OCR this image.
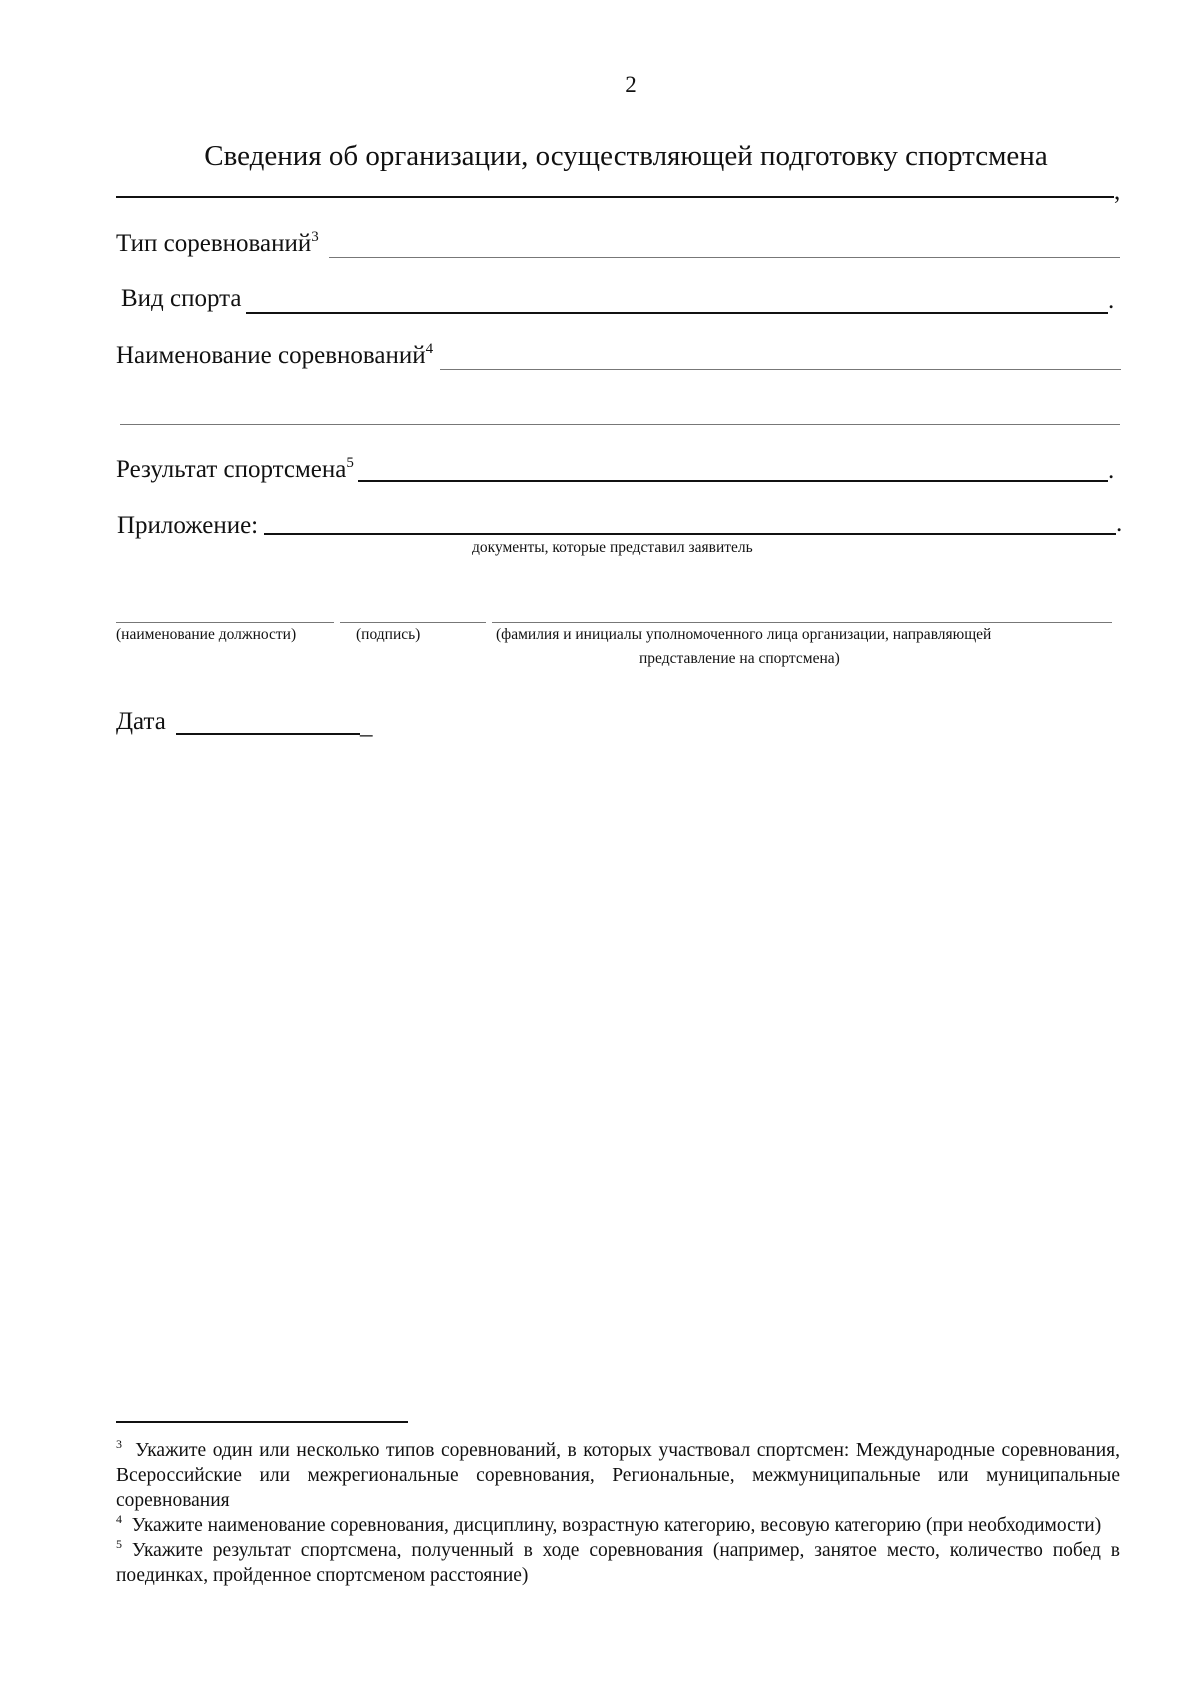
2
Сведения об организации, осуществляющей подготовку спортсмена
,
Тип соревнований$^3$
Вид спорта	.
Наименование соревнований$^4$
Результат спортсмена$^5$	.
Приложение:	.
документы, которые представил заявитель
(наименование должности)	(подпись)	(фамилия и инициалы уполномоченного лица организации, направляющей
представление на спортсмена)
Дата	_

$^3$ Укажите один или несколько типов соревнований, в которых участвовал спортсмен: Международные соревнования, Всероссийские или межрегиональные соревнования, Региональные, межмуниципальные или муниципальные соревнования

$^4$ Укажите наименование соревнования, дисциплину, возрастную категорию, весовую категорию (при необходимости)

$^5$ Укажите результат спортсмена, полученный в ходе соревнования (например, занятое место, количество побед в поединках, пройденное спортсменом расстояние)
